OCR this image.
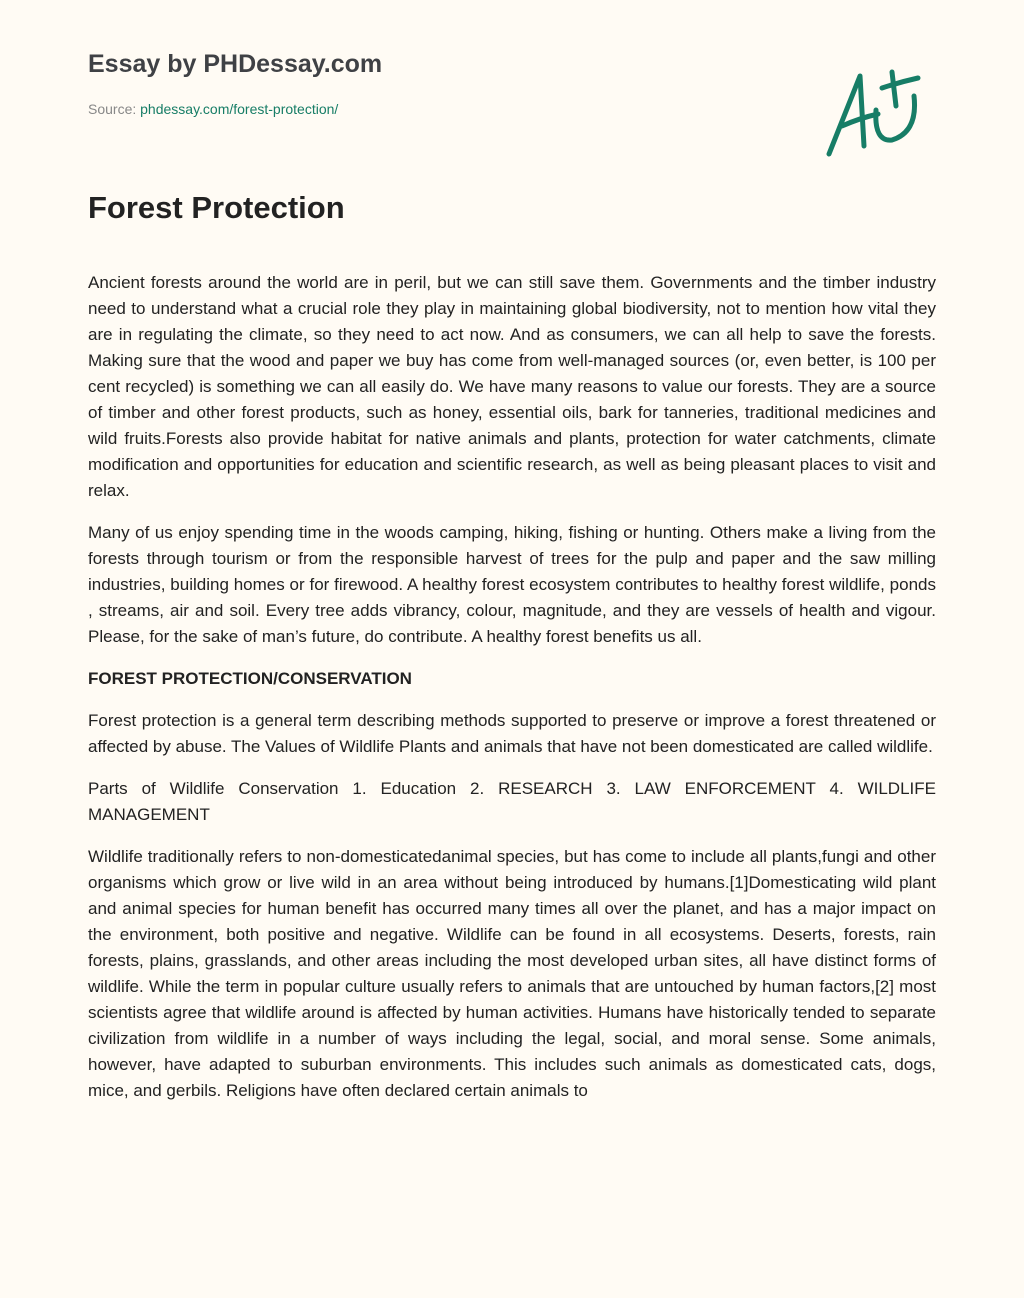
Essay by PHDessay.com
Source: phdessay.com/forest-protection/
Forest Protection

Ancient forests around the world are in peril, but we can still save them. Governments and the timber industry need to understand what a crucial role they play in maintaining global biodiversity, not to mention how vital they are in regulating the climate, so they need to act now. And as consumers, we can all help to save the forests. Making sure that the wood and paper we buy has come from well-managed sources (or, even better, is 100 per cent recycled) is something we can all easily do. We have many reasons to value our forests. They are a source of timber and other forest products, such as honey, essential oils, bark for tanneries, traditional medicines and wild fruits.Forests also provide habitat for native animals and plants, protection for water catchments, climate modification and opportunities for education and scientific research, as well as being pleasant places to visit and relax.

Many of us enjoy spending time in the woods camping, hiking, fishing or hunting. Others make a living from the forests through tourism or from the responsible harvest of trees for the pulp and paper and the saw milling industries, building homes or for firewood. A healthy forest ecosystem contributes to healthy forest wildlife, ponds , streams, air and soil. Every tree adds vibrancy, colour, magnitude, and they are vessels of health and vigour. Please, for the sake of man’s future, do contribute. A healthy forest benefits us all.

FOREST PROTECTION/CONSERVATION

Forest protection is a general term describing methods supported to preserve or improve a forest threatened or affected by abuse. The Values of Wildlife Plants and animals that have not been domesticated are called wildlife.

Parts of Wildlife Conservation 1. Education 2. RESEARCH 3. LAW ENFORCEMENT 4. WILDLIFE MANAGEMENT

Wildlife traditionally refers to non-domesticatedanimal species, but has come to include all plants,fungi and other organisms which grow or live wild in an area without being introduced by humans.[1]Domesticating wild plant and animal species for human benefit has occurred many times all over the planet, and has a major impact on the environment, both positive and negative. Wildlife can be found in all ecosystems. Deserts, forests, rain forests, plains, grasslands, and other areas including the most developed urban sites, all have distinct forms of wildlife. While the term in popular culture usually refers to animals that are untouched by human factors,[2] most scientists agree that wildlife around is affected by human activities. Humans have historically tended to separate civilization from wildlife in a number of ways including the legal, social, and moral sense. Some animals, however, have adapted to suburban environments. This includes such animals as domesticated cats, dogs, mice, and gerbils. Religions have often declared certain animals to
